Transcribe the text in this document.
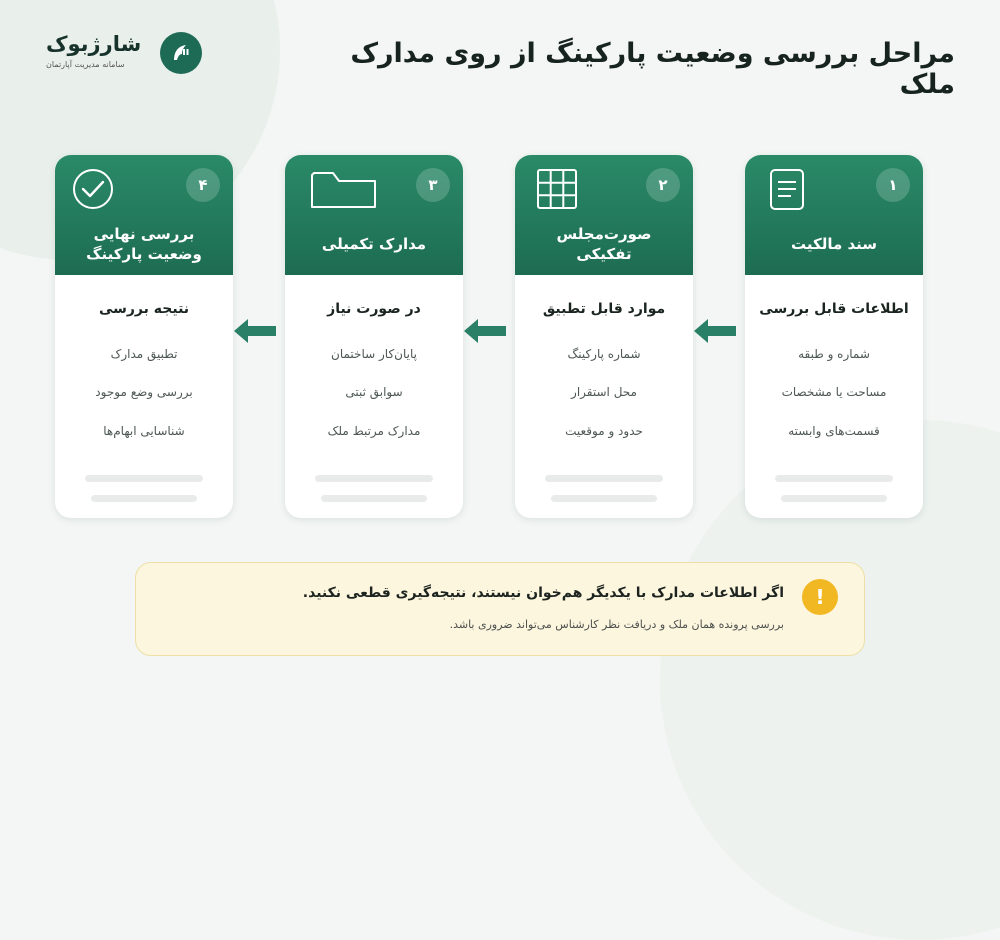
شارژبوک
سامانه مدیریت آپارتمان	مراحل بررسی وضعیت پارکینگ از روی مدارک ملک
۱
سند مالکیت
اطلاعات قابل بررسی
شماره و طبقه
مساحت یا مشخصات
قسمت‌های وابسته
۲
صورت‌مجلس
تفکیکی
موارد قابل تطبیق
شماره پارکینگ
محل استقرار
حدود و موقعیت
۳
مدارک تکمیلی
در صورت نیاز
پایان‌کار ساختمان
سوابق ثبتی
مدارک مرتبط ملک
۴
بررسی نهایی
وضعیت پارکینگ
نتیجه بررسی
تطبیق مدارک
بررسی وضع موجود
شناسایی ابهام‌ها
!
اگر اطلاعات مدارک با یکدیگر هم‌خوان نیستند، نتیجه‌گیری قطعی نکنید.
بررسی پرونده همان ملک و دریافت نظر کارشناس می‌تواند ضروری باشد.
